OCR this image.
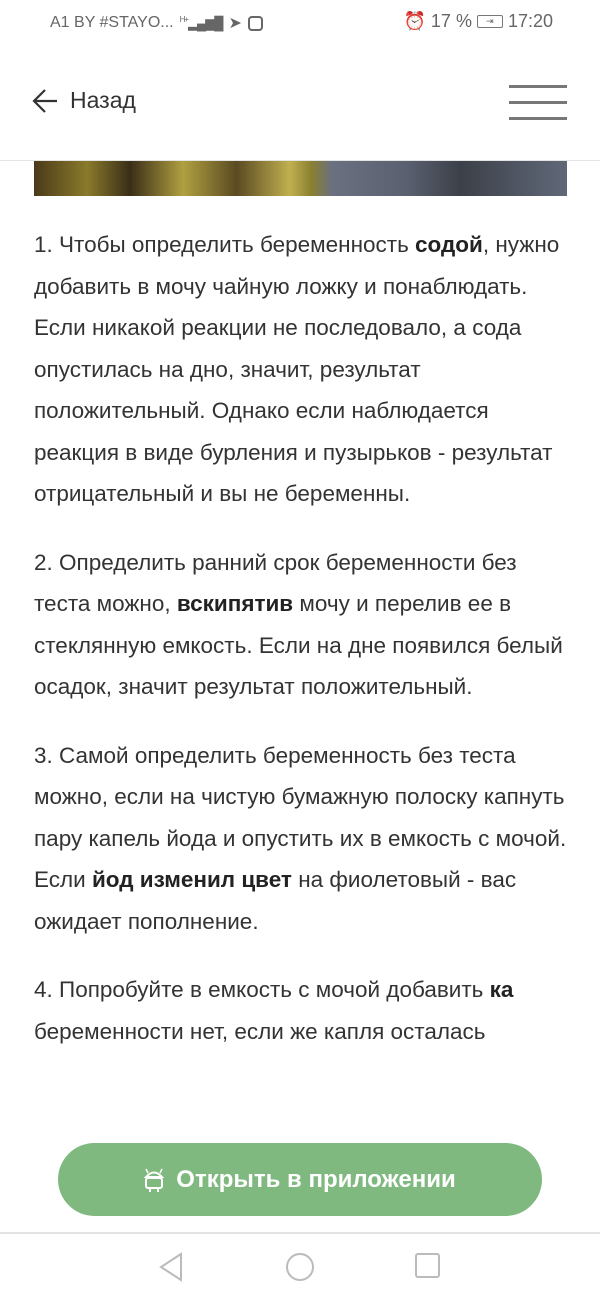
A1 BY #STAYO... $^{H+}$▂▄▆█ ➤	⏰ 17 %	⇥ 17:20
Назад

1. Чтобы определить беременность содой, нужно добавить в мочу чайную ложку и понаблюдать. Если никакой реакции не последовало, а сода опустилась на дно, значит, результат положительный. Однако если наблюдается реакция в виде бурления и пузырьков - результат отрицательный и вы не беременны.

2. Определить ранний срок беременности без теста можно, вскипятив мочу и перелив ее в стеклянную емкость. Если на дне появился белый осадок, значит результат положительный.

3. Самой определить беременность без теста можно, если на чистую бумажную полоску капнуть пару капель йода и опустить их в емкость с мочой. Если йод изменил цвет на фиолетовый - вас ожидает пополнение.

4. Попробуйте в емкость с мочой добавить ка беременности нет, если же капля осталась

Открыть в приложении
